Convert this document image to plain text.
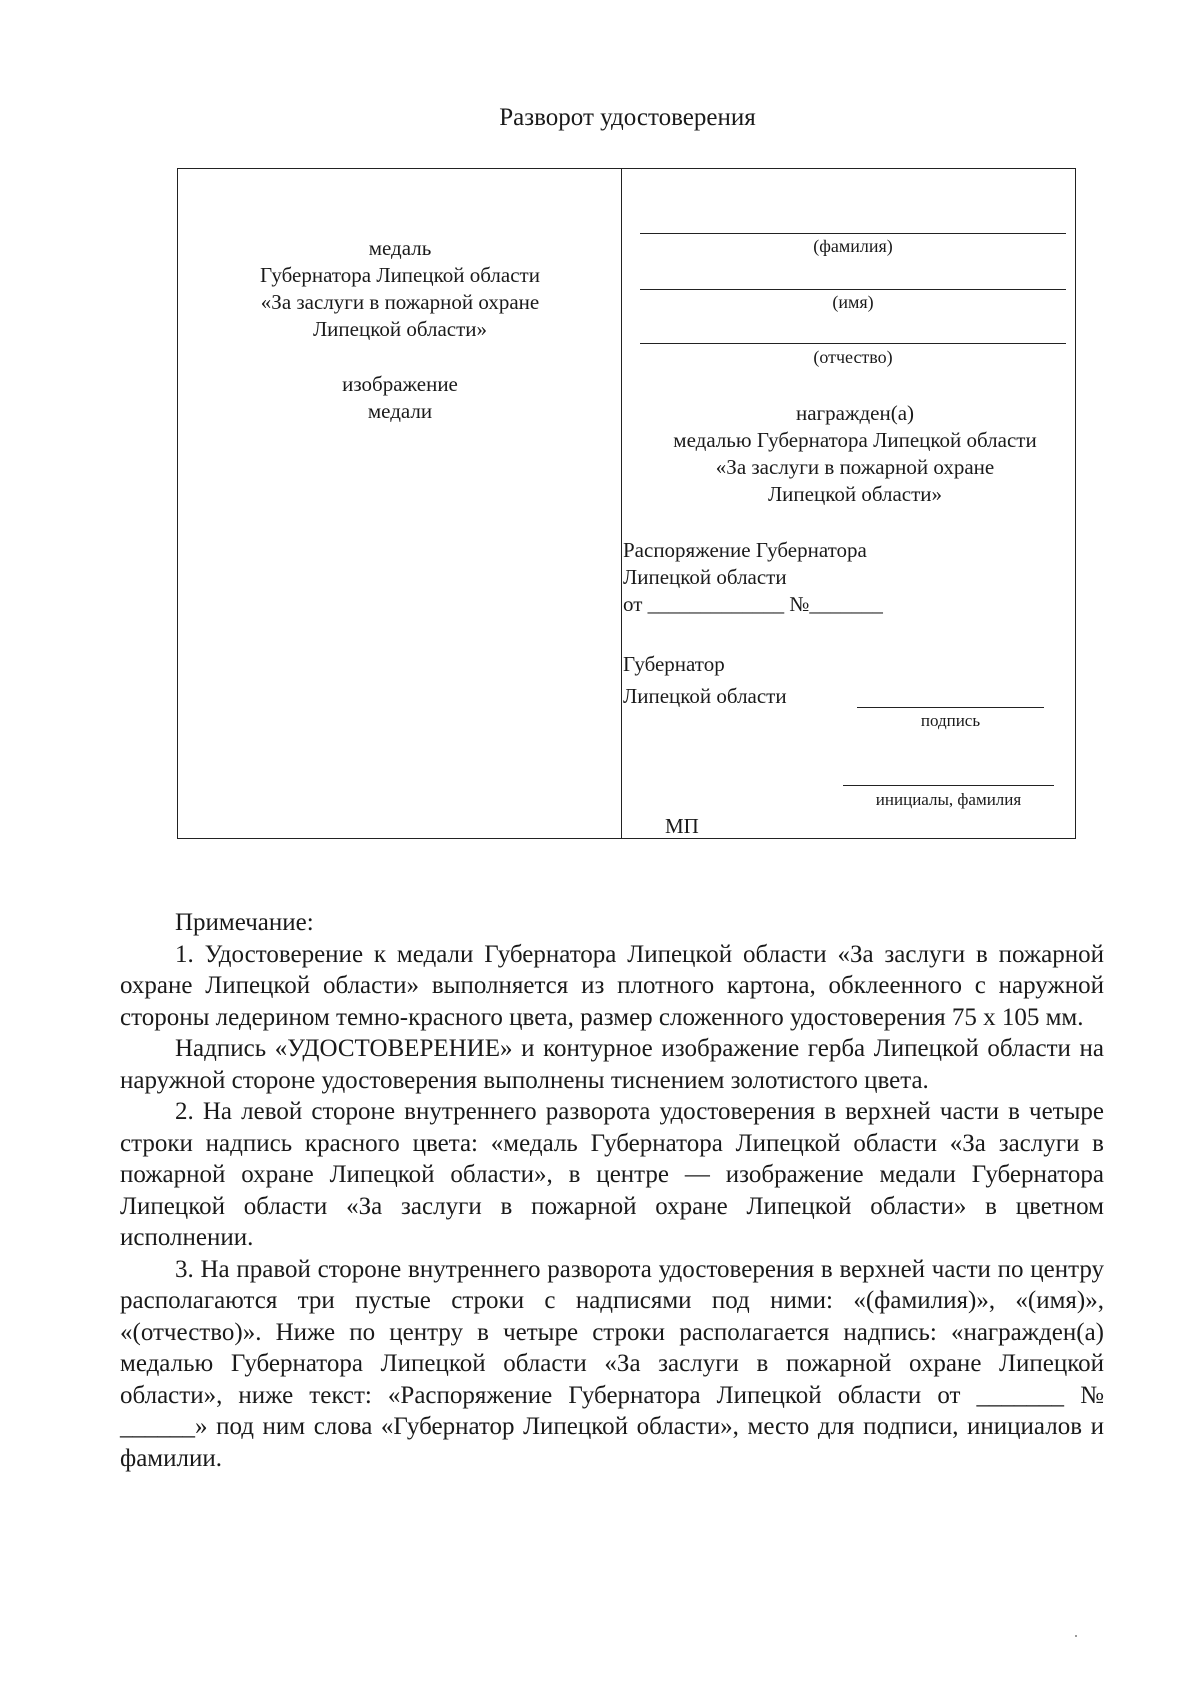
Разворот удостоверения
медаль
Губернатора Липецкой области
«За заслуги в пожарной охране
Липецкой области»
изображение
медали
(фамилия)
(имя)
(отчество)
награжден(а)
медалью Губернатора Липецкой области
«За заслуги в пожарной охране
Липецкой области»
Распоряжение Губернатора
Липецкой области
от _____________ №_______
Губернатор
Липецкой области
подпись
инициалы, фамилия
МП

Примечание:

1. Удостоверение к медали Губернатора Липецкой области «За заслуги в пожарной охране Липецкой области» выполняется из плотного картона, обклеенного с наружной стороны ледерином темно-красного цвета, размер сложенного удостоверения 75 х 105 мм.

Надпись «УДОСТОВЕРЕНИЕ» и контурное изображение герба Липецкой области на наружной стороне удостоверения выполнены тиснением золотистого цвета.

2. На левой стороне внутреннего разворота удостоверения в верхней части в четыре строки надпись красного цвета: «медаль Губернатора Липецкой области «За заслуги в пожарной охране Липецкой области», в центре — изображение медали Губернатора Липецкой области «За заслуги в пожарной охране Липецкой области» в цветном исполнении.

3. На правой стороне внутреннего разворота удостоверения в верхней части по центру располагаются три пустые строки с надписями под ними: «(фамилия)», «(имя)», «(отчество)». Ниже по центру в четыре строки располагается надпись: «награжден(а) медалью Губернатора Липецкой области «За заслуги в пожарной охране Липецкой области», ниже текст: «Распоряжение Губернатора Липецкой области от _______ № ______» под ним слова «Губернатор Липецкой области», место для подписи, инициалов и фамилии.
